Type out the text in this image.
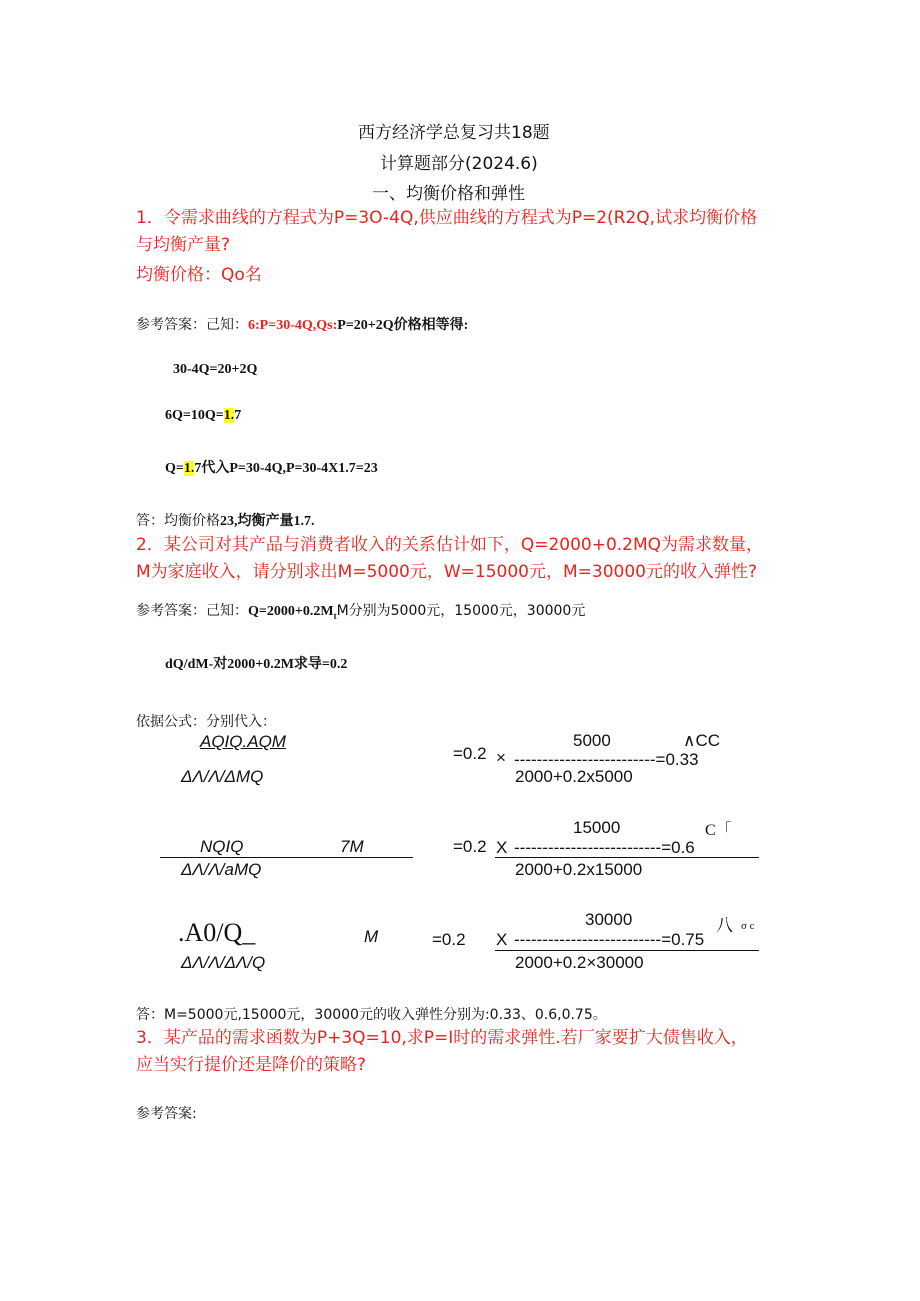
西方经济学总复习共18题
计算题部分(2024.6)
一、均衡价格和弹性
1．令需求曲线的方程式为P=3O-4Q,供应曲线的方程式为P=2(R2Q,试求均衡价格
与均衡产量?
均衡价格：Qo名
参考答案：己知：6:P=30-4Q,Qs:P=20+2Q价格相等得:
30-4Q=20+2Q
6Q=10Q=1.7
Q=1.7代入P=30-4Q,P=30-4X1.7=23
答：均衡价格23,均衡产量1.7.
2．某公司对其产品与消费者收入的关系估计如下，Q=2000+0.2MQ为需求数量，
M为家庭收入，请分别求出M=5000元，W=15000元，M=30000元的收入弹性?
参考答案：己知：$Q=2000+0.2M_tM$分别为5000元，15000元，30000元
dQ/dM-对2000+0.2M求导=0.2
依据公式：分别代入：
AQIQ.AQM
ΔΛ/Λ/ΔMQ
=0.2 ×
5000
-------------------------=0.33
2000+0.2x5000
∧CC
NQIQ	7M
ΔΛ/Λ/aMQ
=0.2 X
15000
--------------------------=0.6
2000+0.2x15000
C「
.A0/Q_	M
ΔΛ/Λ/ΔΛ/Q
=0.2 X
30000
--------------------------=0.75
2000+0.2×30000
八 σ c
答：M=5000元,15000元，30000元的收入弹性分别为:0.33、0.6,0.75。
3．某产品的需求函数为P+3Q=10,求P=I时的需求弹性.若厂家要扩大债售收入，
应当实行提价还是降价的策略?
参考答案:
